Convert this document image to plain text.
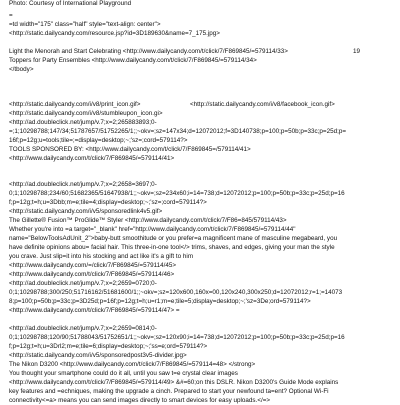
Photo: Courtesy of International Playground
=
=td width="175" class="half" style="text-align: center">
<http://static.dailycandy.com/resource.jsp?id=3D189630&name=7_175.jpg>
Light the Menorah and Start Celebrating <http://www.dailycandy.com/t/click/7/F869845/=579114/33>	19
Toppers for Party Ensembles <http://www.dailycandy.com/t/click/7/F869845/=579114/34>
</tbody>
<http://static.dailycandy.com/i/v8/print_icon.gif>	<http://static.dailycandy.com/i/v8/facebook_icon.gif>
<http://static.dailycandy.com/i/v8/stumbleupon_icon.gi>
<http://ad.doubleclick.net/jump/v.7;x=2;265883893;0-
=;1;10298788;147/34;51787657/51752265/1;;~okv=;sz=147x34;d=12072012;f=3D140738;p=100;p=50b;p=33c;p=25d;p=
16f;p=12g;u=tools;tile=;=display=desktop;~;'sz=;cord=579114?>
TOOLS SPONSORED BY: <http://www.dailycandy.com/t/click/7/F869845=/579114/41>
<http://www.dailycandy.com/t/click/7/F869845/=579114/41>
<http://ad.doubleclick.net/jump/v.7;x=2;2658=3697;0-
0;1;10298788;234/60;51682365/51647938/1;;~okv=;sz=234x60;i=14=738;d=12072012;p=100;p=50b;p=33c;p=25d;p=16
f;p=12g;t=h;u=3Dbb;m=e;tile=4;display=desktop;~;'sz=;cord=579114?>
<http://static.dailycandy.com/i/v5/sponsoredlink4v5.gif>
The Gillette® Fusion™ ProGlide™ Styler <http://www.dailycandy.com/t/click/7/F86=845/579114/43>
Whether you're into =a target="_blank" href="http://www.dailycandy.com/t/click/7/F869845/=579114/44"
name="BelowToolsAdUnit_2">baby-butt smoothitude or you prefer=a magnificent mane of masculine megabeard, you
have definite opinions abou= facial hair. This three-in-one tool</> trims, shaves, and edges, giving your man the style
you crave. Just slip=it into his stocking and act like it's a gift to him
<http://www.dailycandy.com/=/click/7/F869845/=579114/45>
<http://www.dailycandy.com/t/click/7/F869845/=579114/46>
<http://ad.doubleclick.net/jump/v.7;x=2;2659=0720;0-
0;1;10298788;300/250;51716162/51681600/1;;~okv=;sz=120x600,160x=00,120x240,300x250;d=12072012;r=1;=14073
8;p=100;p=50b;p=33c;p=3D25d;p=16f;p=12g;t=h;u=r1;m=e;tile=5;display=desktop;~;'sz=3De;ord=579114?>
<http://www.dailycandy.com/t/click/7/F869845/=579114/47> =
<http://ad.doubleclick.net/jump/v.7;x=2;2659=0814;0-
0;1;10298788;120/90;51788043/51752651/1;;~okv=;sz=120x90;i=14=738;d=12072012;p=100;p=50b;p=33c;p=25d;p=16
f;p=12g;t=h;u=3Drl2;m=e;tile=6;display=desktop;~;'ss=e;ord=579114?>
<http://static.dailycandy.com/i/v5/sponsoredpost3v5-divider.jpg>
The Nikon D3200 <http://www.dailycandy.com/t/click/7/F869845/=579114=48> </strong>
You thought your smartphone could do it all, until you saw t=e crystal clear images
<http://www.dailycandy.com/t/click/7/F869845/=579114/49> &#=60;on this DSLR. Nikon D3200's Guide Mode explains
key features and =echniques, making the upgrade a cinch. Prepared to start your newfound ta=ent? Optional Wi-Fi
connectivity<=a> means you can send images directly to smart devices for easy uploads.</=>
